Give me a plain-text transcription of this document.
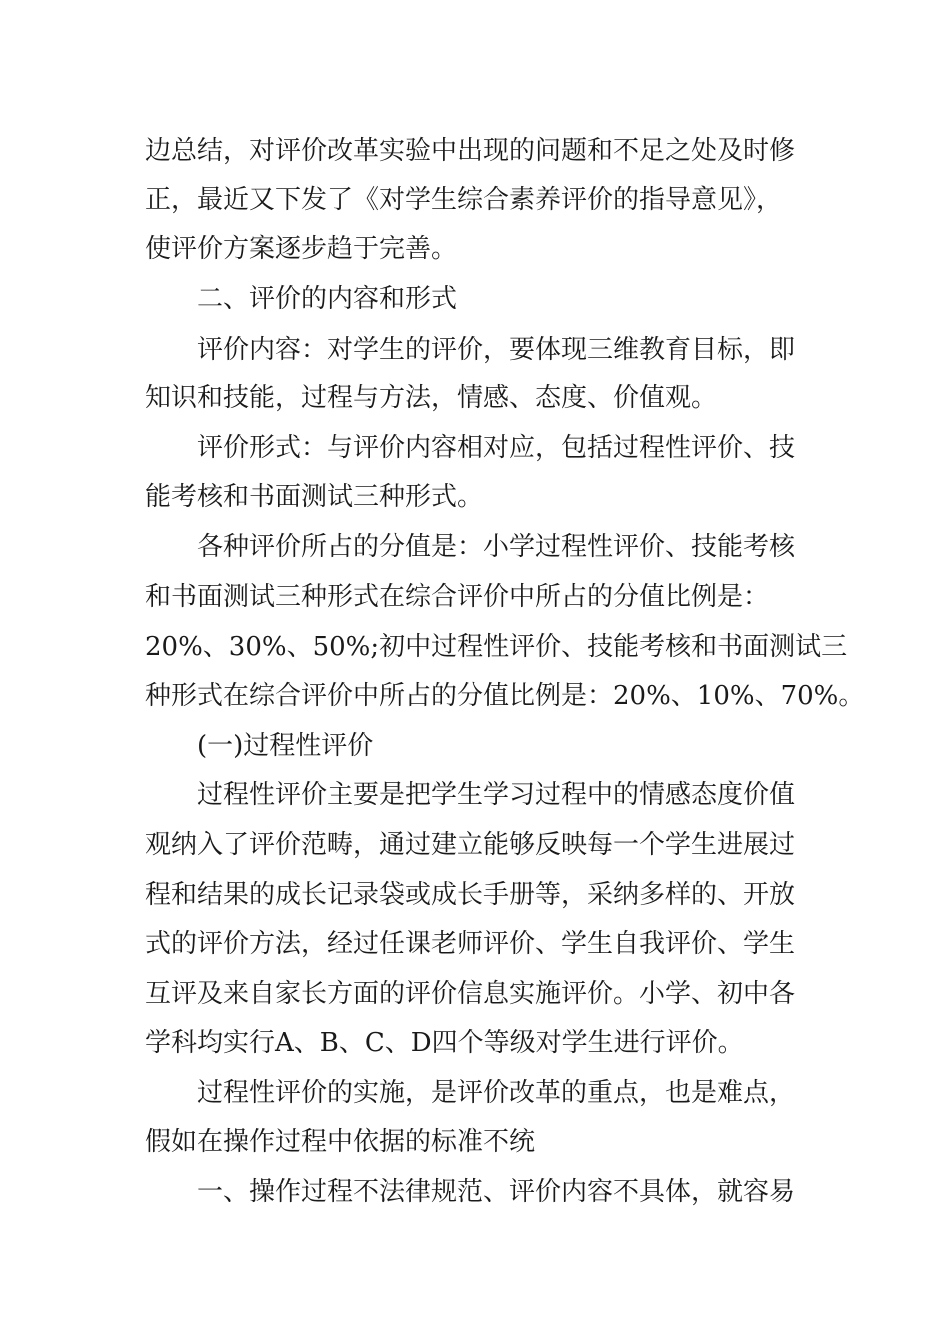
边总结，对评价改革实验中出现的问题和不足之处及时修
正，最近又下发了《对学生综合素养评价的指导意见》，
使评价方案逐步趋于完善。
二、评价的内容和形式
评价内容：对学生的评价，要体现三维教育目标，即
知识和技能，过程与方法，情感、态度、价值观。
评价形式：与评价内容相对应，包括过程性评价、技
能考核和书面测试三种形式。
各种评价所占的分值是：小学过程性评价、技能考核
和书面测试三种形式在综合评价中所占的分值比例是：
20%、30%、50%;初中过程性评价、技能考核和书面测试三
种形式在综合评价中所占的分值比例是：20%、10%、70%。
(一)过程性评价
过程性评价主要是把学生学习过程中的情感态度价值
观纳入了评价范畴，通过建立能够反映每一个学生进展过
程和结果的成长记录袋或成长手册等，采纳多样的、开放
式的评价方法，经过任课老师评价、学生自我评价、学生
互评及来自家长方面的评价信息实施评价。小学、初中各
学科均实行A、B、C、D四个等级对学生进行评价。
过程性评价的实施，是评价改革的重点，也是难点，
假如在操作过程中依据的标准不统
一、操作过程不法律规范、评价内容不具体，就容易
